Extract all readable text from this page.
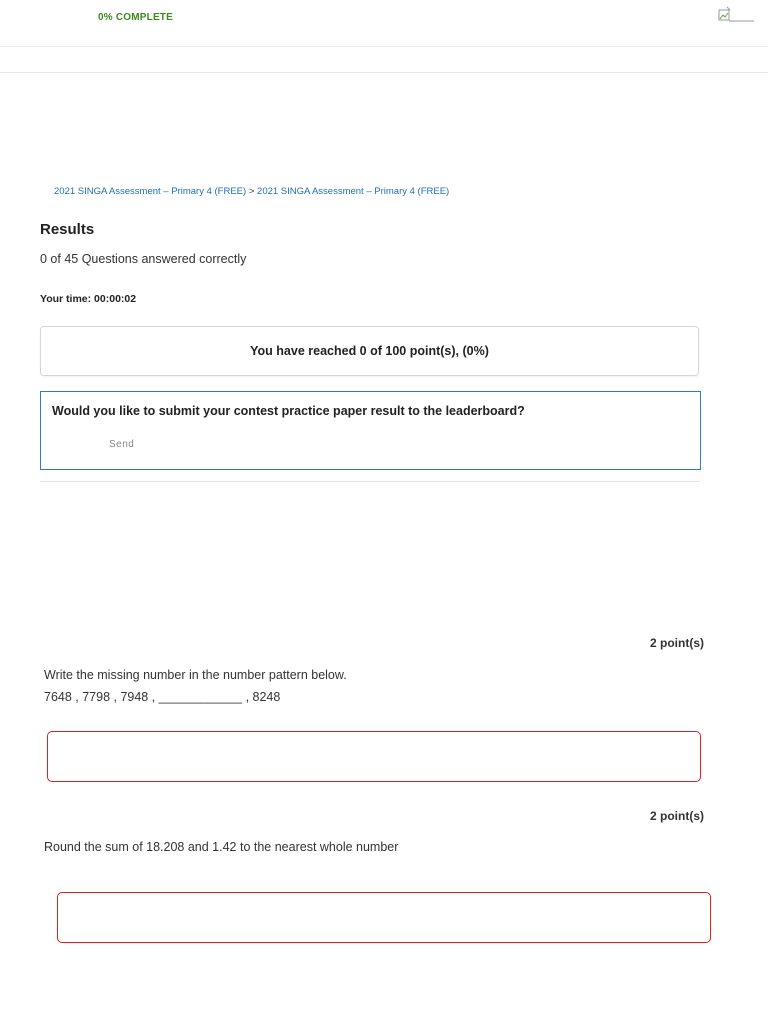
0% COMPLETE
2021 SINGA Assessment – Primary 4 (FREE) > 2021 SINGA Assessment – Primary 4 (FREE)
Results
0 of 45 Questions answered correctly
Your time: 00:00:02
You have reached 0 of 100 point(s), (0%)
Would you like to submit your contest practice paper result to the leaderboard?
Send
2 point(s)
Write the missing number in the number pattern below.
7648 , 7798 , 7948 , ____________ , 8248
2 point(s)
Round the sum of 18.208 and 1.42 to the nearest whole number
